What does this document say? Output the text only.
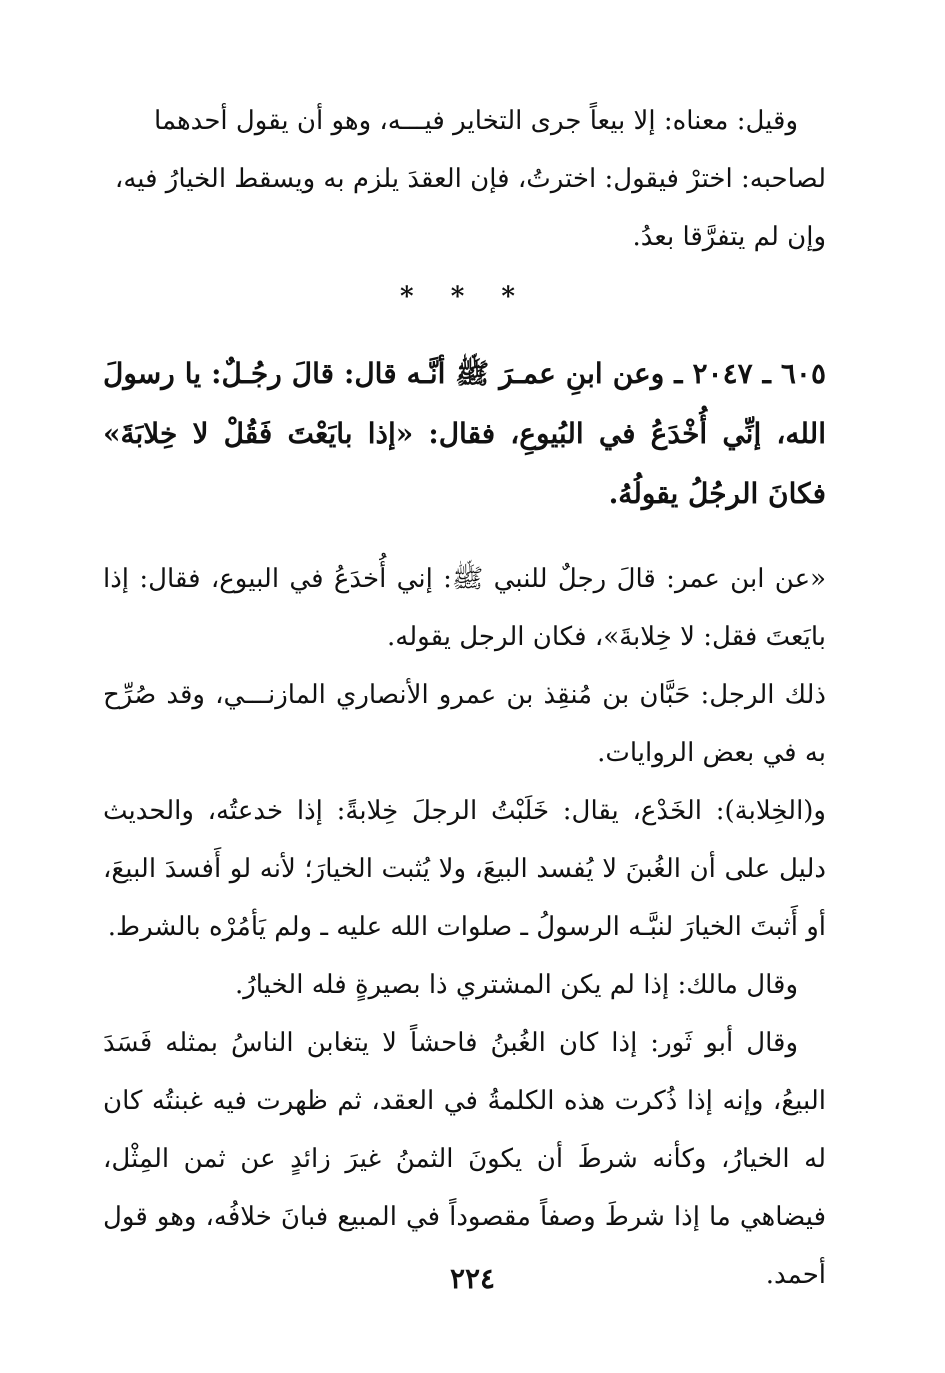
وقيل: معناه: إلا بيعاً جرى التخاير فيـــه، وهو أن يقول أحدهما لصاحبه: اخترْ فيقول: اخترتُ، فإن العقدَ يلزم به ويسقط الخيارُ فيه، وإن لم يتفرَّقا بعدُ.

* * *

٦٠٥ ـ ٢٠٤٧ ـ وعن ابنِ عمـرَ ﷺ أنَّـه قال: قالَ رجُـلٌ: يا رسولَ الله، إنِّي أُخْدَعُ في البُيوعِ، فقال: «إذا بايَعْتَ فَقُلْ لا خِلابَةَ» فكانَ الرجُلُ يقولُهُ.

«عن ابن عمر: قالَ رجلٌ للنبي ﷺ: إني أُخدَعُ في البيوع، فقال: إذا بايَعتَ فقل: لا خِلابةَ»، فكان الرجل يقوله.

ذلك الرجل: حَبَّان بن مُنقِذ بن عمرو الأنصاري المازنـــي، وقد صُرِّح به في بعض الروايات.

و(الخِلابة): الخَدْع، يقال: خَلَبْتُ الرجلَ خِلابةً: إذا خدعتُه، والحديث دليل على أن الغُبنَ لا يُفسد البيعَ، ولا يُثبت الخيارَ؛ لأنه لو أَفسدَ البيعَ، أو أَثبتَ الخيارَ لنبَّـه الرسولُ ـ صلوات الله عليه ـ ولم يَأمُرْه بالشرط.

وقال مالك: إذا لم يكن المشتري ذا بصيرةٍ فله الخيارُ.

وقال أبو ثَور: إذا كان الغُبنُ فاحشاً لا يتغابن الناسُ بمثله فَسَدَ البيعُ، وإنه إذا ذُكرت هذه الكلمةُ في العقد، ثم ظهرت فيه غبنتُه كان له الخيارُ، وكأنه شرطَ أن يكونَ الثمنُ غيرَ زائدٍ عن ثمن المِثْل، فيضاهي ما إذا شرطَ وصفاً مقصوداً في المبيع فبانَ خلافُه، وهو قول أحمد.

٢٢٤
